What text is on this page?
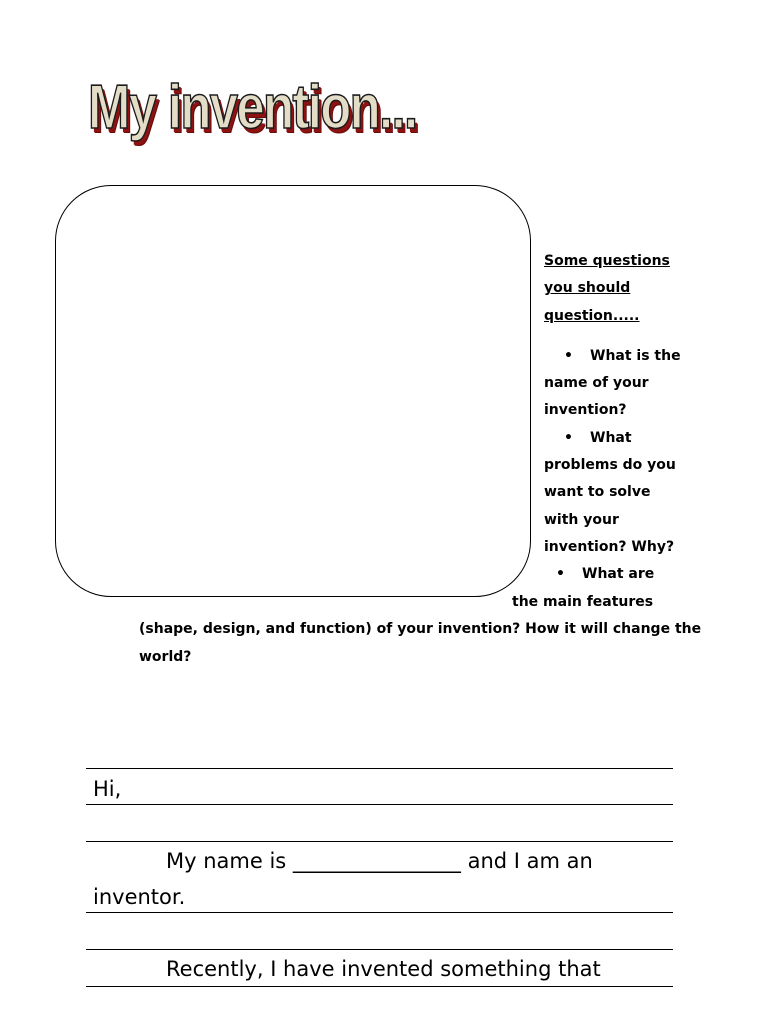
My invention...
Some questions
you should
question.....
• What is the
name of your
invention?
• What
problems do you
want to solve
with your
invention? Why?
• What are
the main features
(shape, design, and function) of your invention? How it will change the
world?
Hi,
My name is ________________ and I am an
inventor.
Recently, I have invented something that
